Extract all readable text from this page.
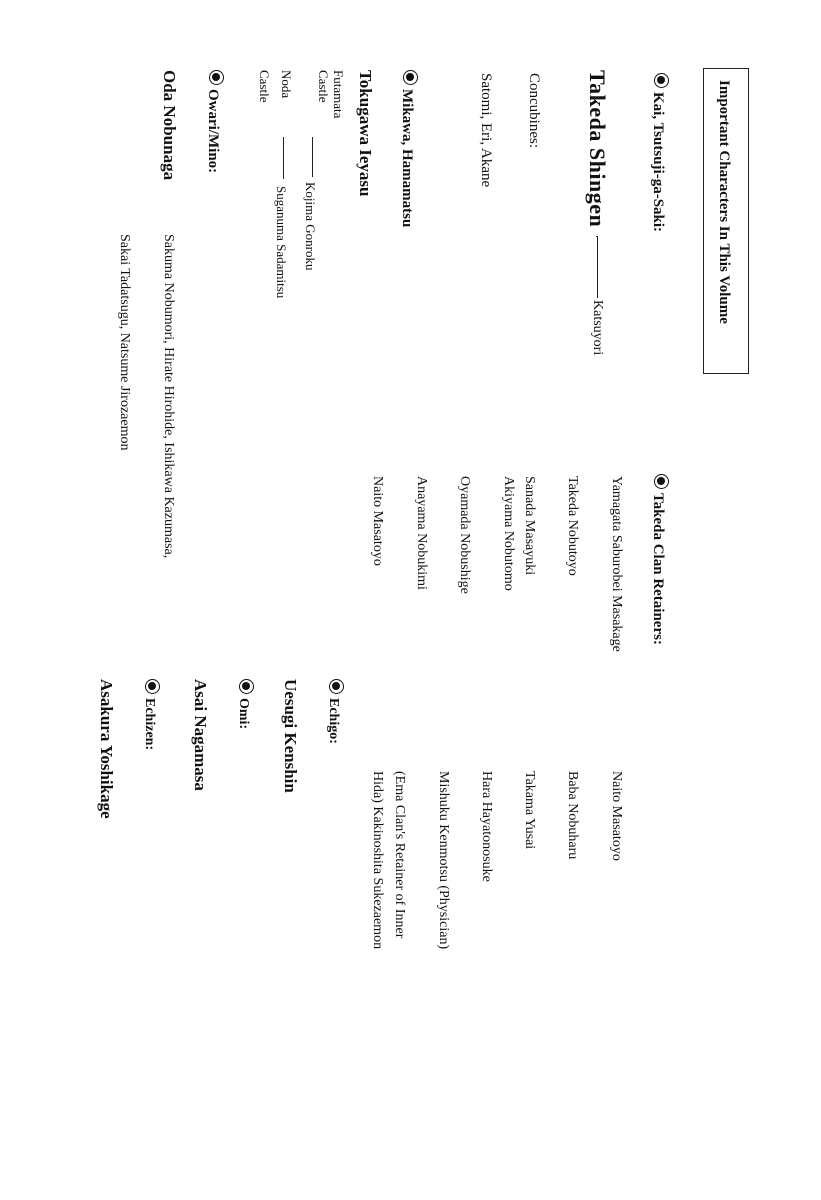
Important Characters In This Volume
Kai, Tsutsuji-ga-Saki:
Takeda Shingen
Katsuyori
Concubines:
Satomi, Eri, Akane
Mikawa, Hamamatsu
Tokugawa Ieyasu
Futamata
Castle
Kojima Gonroku
Noda
Castle
Suganuma Sadamitsu
Owari/Mino:
Oda Nobunaga
Sakuma Nobumori, Hirate Hirohide, Ishikawa Kazumasa,
Sakai Tadatsugu, Natsume Jirozaemon
Takeda Clan Retainers:
Yamagata Saburobei Masakage
Takeda Nobutoyo
Sanada Masayuki
Akiyama Nobutomo
Oyamada Nobushige
Anayama Nobukimi
Naito Masatoyo
Naito Masatoyo
Baba Nobuharu
Takama Yusai
Hara Hayatonosuke
Mishuku Kenmotsu (Physician)
(Ema Clan's Retainer of Inner
Hida) Kakinoshita Sukezaemon
Echigo:
Uesugi Kenshin
Omi:
Asai Nagamasa
Echizen:
Asakura Yoshikage
